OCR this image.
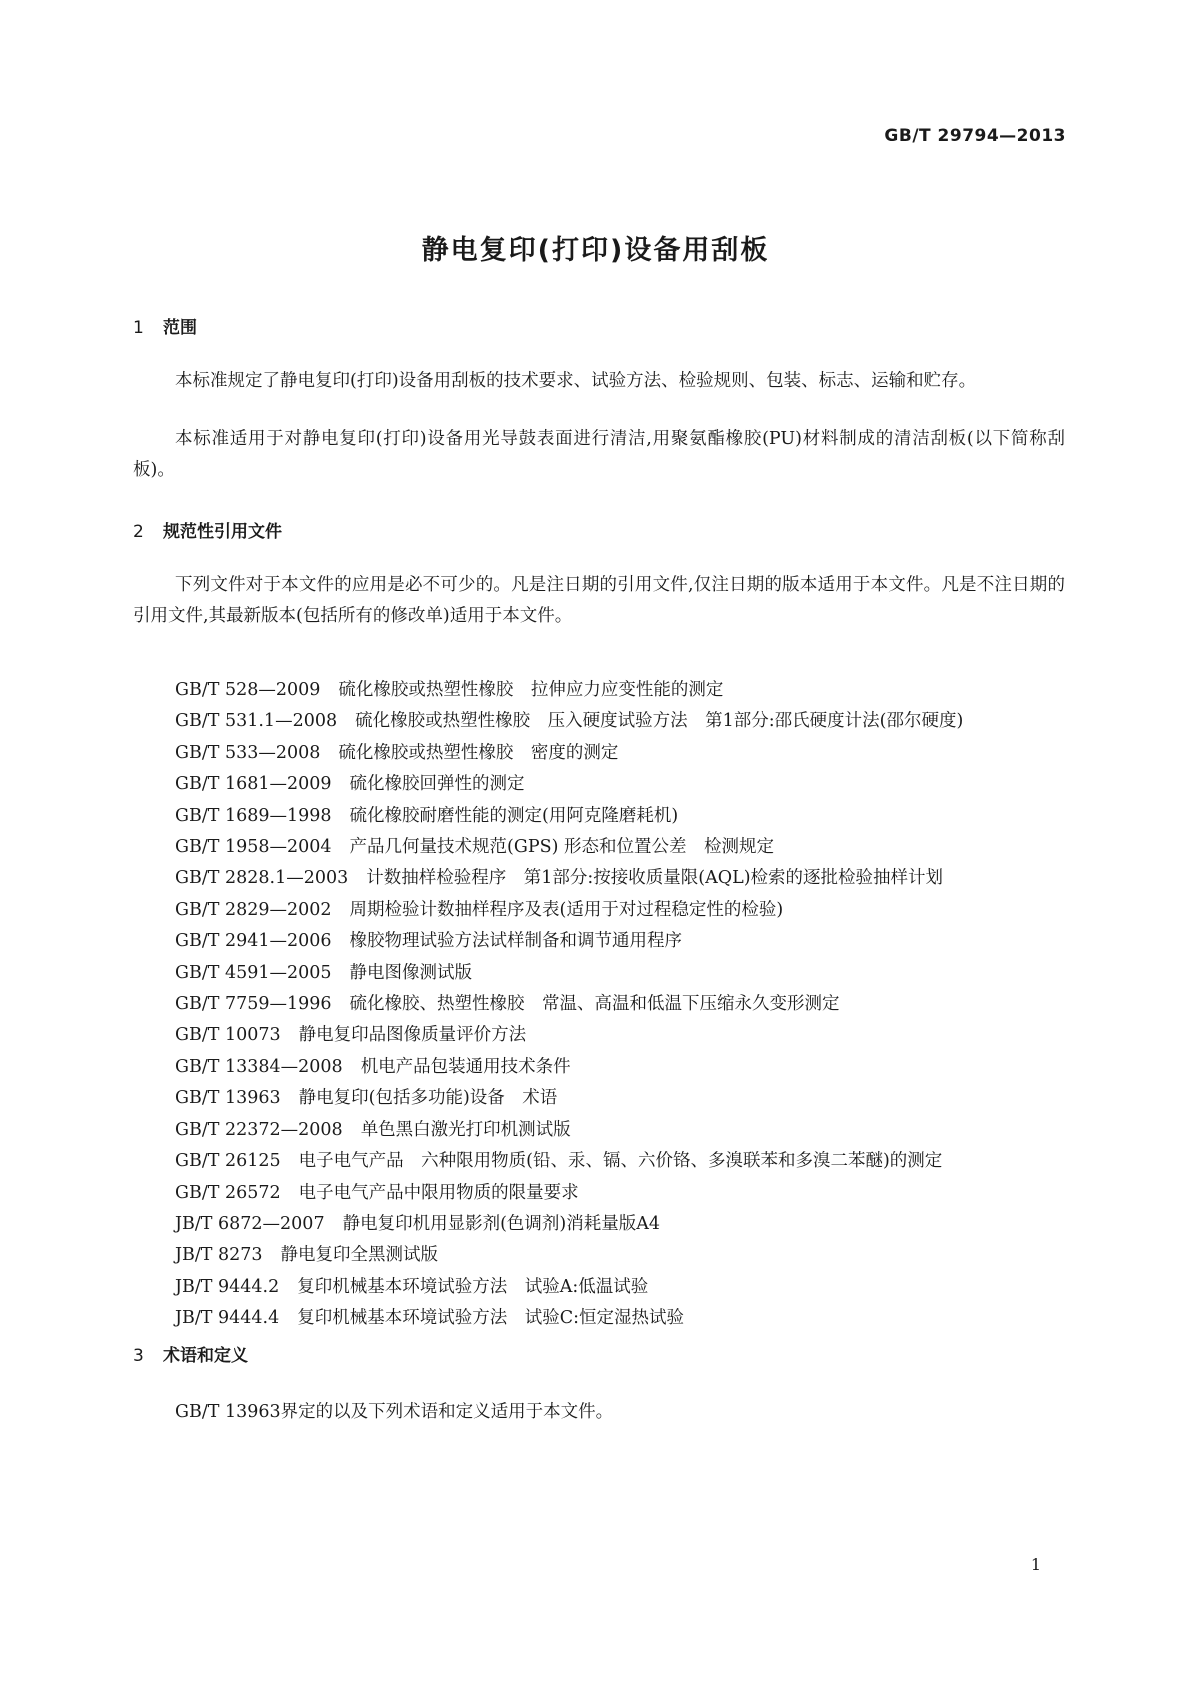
GB/T 29794—2013
静电复印(打印)设备用刮板
1 范围

本标准规定了静电复印(打印)设备用刮板的技术要求、试验方法、检验规则、包装、标志、运输和贮存。

本标准适用于对静电复印(打印)设备用光导鼓表面进行清洁,用聚氨酯橡胶(PU)材料制成的清洁刮板(以下简称刮板)。

2 规范性引用文件

下列文件对于本文件的应用是必不可少的。凡是注日期的引用文件,仅注日期的版本适用于本文件。凡是不注日期的引用文件,其最新版本(包括所有的修改单)适用于本文件。

GB/T 528—2009 硫化橡胶或热塑性橡胶　拉伸应力应变性能的测定
GB/T 531.1—2008 硫化橡胶或热塑性橡胶　压入硬度试验方法　第1部分:邵氏硬度计法(邵尔硬度)
GB/T 533—2008 硫化橡胶或热塑性橡胶　密度的测定
GB/T 1681—2009 硫化橡胶回弹性的测定
GB/T 1689—1998 硫化橡胶耐磨性能的测定(用阿克隆磨耗机)
GB/T 1958—2004 产品几何量技术规范(GPS) 形态和位置公差　检测规定
GB/T 2828.1—2003 计数抽样检验程序　第1部分:按接收质量限(AQL)检索的逐批检验抽样计划
GB/T 2829—2002 周期检验计数抽样程序及表(适用于对过程稳定性的检验)
GB/T 2941—2006 橡胶物理试验方法试样制备和调节通用程序
GB/T 4591—2005 静电图像测试版
GB/T 7759—1996 硫化橡胶、热塑性橡胶　常温、高温和低温下压缩永久变形测定
GB/T 10073 静电复印品图像质量评价方法
GB/T 13384—2008 机电产品包装通用技术条件
GB/T 13963 静电复印(包括多功能)设备　术语
GB/T 22372—2008 单色黑白激光打印机测试版
GB/T 26125 电子电气产品　六种限用物质(铅、汞、镉、六价铬、多溴联苯和多溴二苯醚)的测定
GB/T 26572 电子电气产品中限用物质的限量要求
JB/T 6872—2007 静电复印机用显影剂(色调剂)消耗量版A4
JB/T 8273 静电复印全黑测试版
JB/T 9444.2 复印机械基本环境试验方法　试验A:低温试验
JB/T 9444.4 复印机械基本环境试验方法　试验C:恒定湿热试验
3 术语和定义

GB/T 13963界定的以及下列术语和定义适用于本文件。

1
